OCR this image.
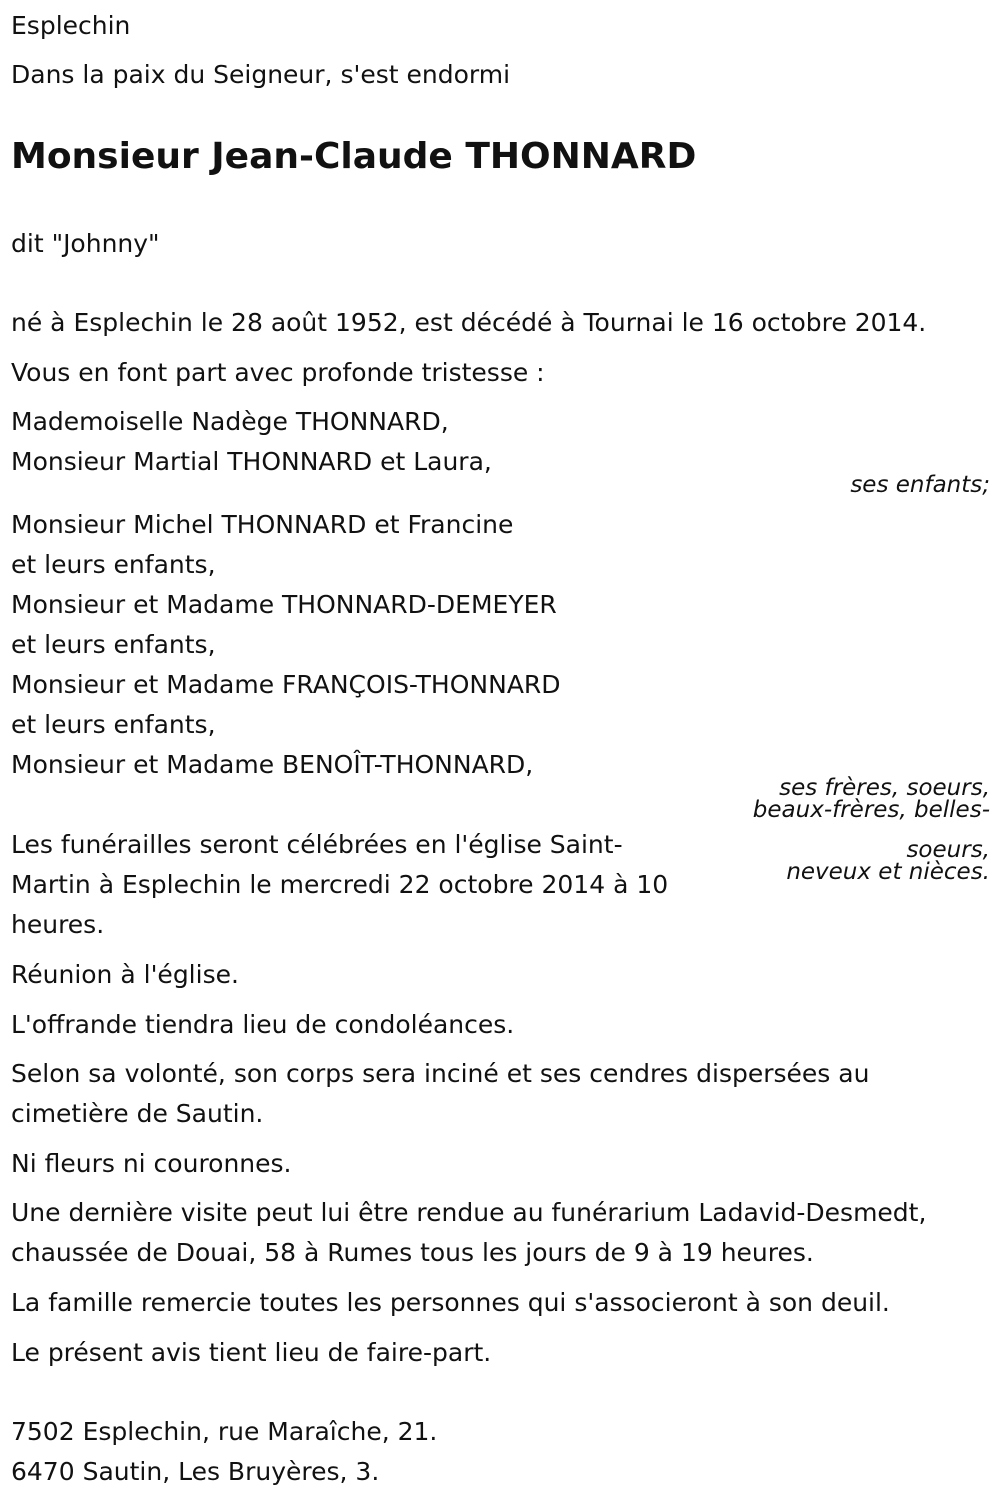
Esplechin

Dans la paix du Seigneur, s'est endormi

Monsieur Jean-Claude THONNARD

dit "Johnny"

né à Esplechin le 28 août 1952, est décédé à Tournai le 16 octobre 2014.

Vous en font part avec profonde tristesse :

Mademoiselle Nadège THONNARD,

Monsieur Martial THONNARD et Laura,

ses enfants;

Monsieur Michel THONNARD et Francine

et leurs enfants,

Monsieur et Madame THONNARD-DEMEYER

et leurs enfants,

Monsieur et Madame FRANÇOIS-THONNARD

et leurs enfants,

Monsieur et Madame BENOÎT-THONNARD,

ses frères, soeurs,
beaux-frères, belles-
soeurs,
neveux et nièces.

Les funérailles seront célébrées en l'église Saint-

Martin à Esplechin le mercredi 22 octobre 2014 à 10

heures.

Réunion à l'église.

L'offrande tiendra lieu de condoléances.

Selon sa volonté, son corps sera inciné et ses cendres dispersées au

cimetière de Sautin.

Ni fleurs ni couronnes.

Une dernière visite peut lui être rendue au funérarium Ladavid-Desmedt,

chaussée de Douai, 58 à Rumes tous les jours de 9 à 19 heures.

La famille remercie toutes les personnes qui s'associeront à son deuil.

Le présent avis tient lieu de faire-part.

7502 Esplechin, rue Maraîche, 21.

6470 Sautin, Les Bruyères, 3.
